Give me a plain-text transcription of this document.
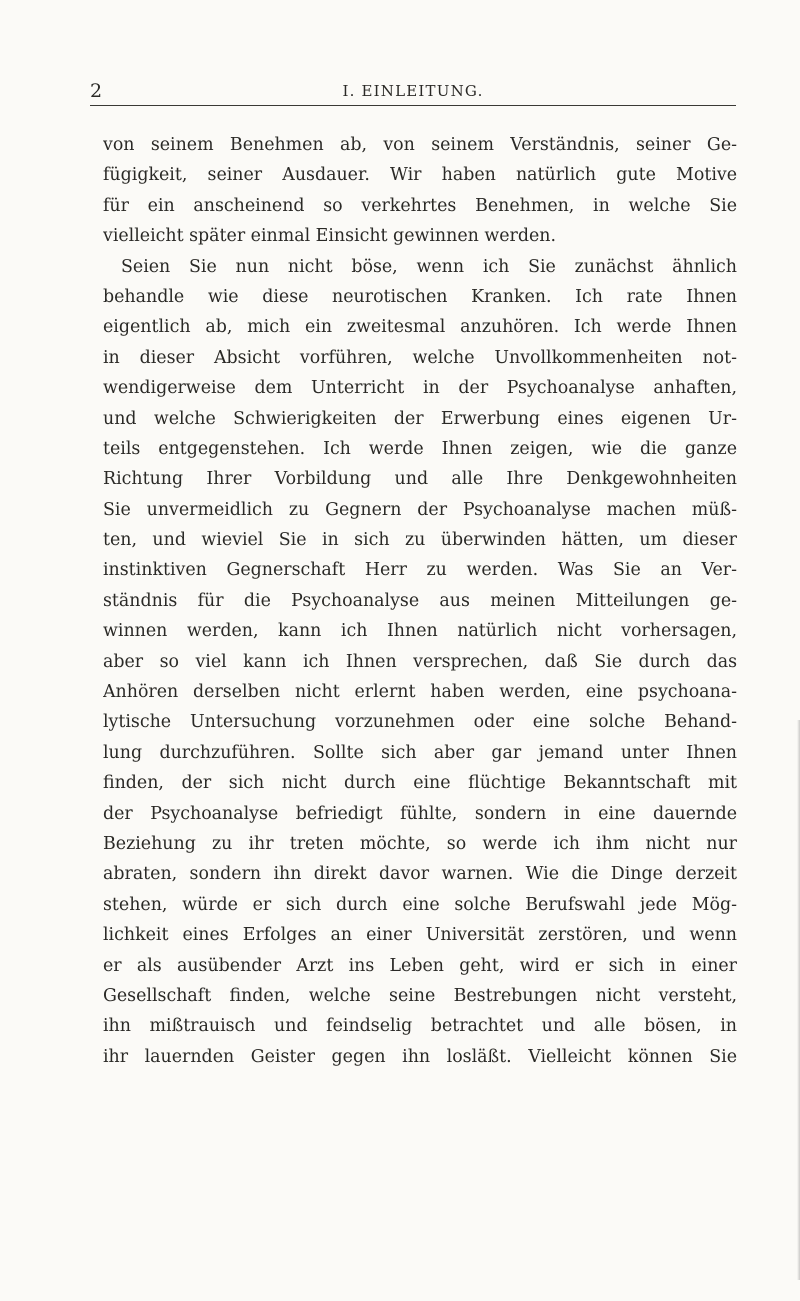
2	I. EINLEITUNG.
von seinem Benehmen ab, von seinem Verständnis, seiner Ge-
fügigkeit, seiner Ausdauer. Wir haben natürlich gute Motive
für ein anscheinend so verkehrtes Benehmen, in welche Sie
vielleicht später einmal Einsicht gewinnen werden.
Seien Sie nun nicht böse, wenn ich Sie zunächst ähnlich
behandle wie diese neurotischen Kranken. Ich rate Ihnen
eigentlich ab, mich ein zweitesmal anzuhören. Ich werde Ihnen
in dieser Absicht vorführen, welche Unvollkommenheiten not-
wendigerweise dem Unterricht in der Psychoanalyse anhaften,
und welche Schwierigkeiten der Erwerbung eines eigenen Ur-
teils entgegenstehen. Ich werde Ihnen zeigen, wie die ganze
Richtung Ihrer Vorbildung und alle Ihre Denkgewohnheiten
Sie unvermeidlich zu Gegnern der Psychoanalyse machen müß-
ten, und wieviel Sie in sich zu überwinden hätten, um dieser
instinktiven Gegnerschaft Herr zu werden. Was Sie an Ver-
ständnis für die Psychoanalyse aus meinen Mitteilungen ge-
winnen werden, kann ich Ihnen natürlich nicht vorhersagen,
aber so viel kann ich Ihnen versprechen, daß Sie durch das
Anhören derselben nicht erlernt haben werden, eine psychoana-
lytische Untersuchung vorzunehmen oder eine solche Behand-
lung durchzuführen. Sollte sich aber gar jemand unter Ihnen
finden, der sich nicht durch eine flüchtige Bekanntschaft mit
der Psychoanalyse befriedigt fühlte, sondern in eine dauernde
Beziehung zu ihr treten möchte, so werde ich ihm nicht nur
abraten, sondern ihn direkt davor warnen. Wie die Dinge derzeit
stehen, würde er sich durch eine solche Berufswahl jede Mög-
lichkeit eines Erfolges an einer Universität zerstören, und wenn
er als ausübender Arzt ins Leben geht, wird er sich in einer
Gesellschaft finden, welche seine Bestrebungen nicht versteht,
ihn mißtrauisch und feindselig betrachtet und alle bösen, in
ihr lauernden Geister gegen ihn losläßt. Vielleicht können Sie
